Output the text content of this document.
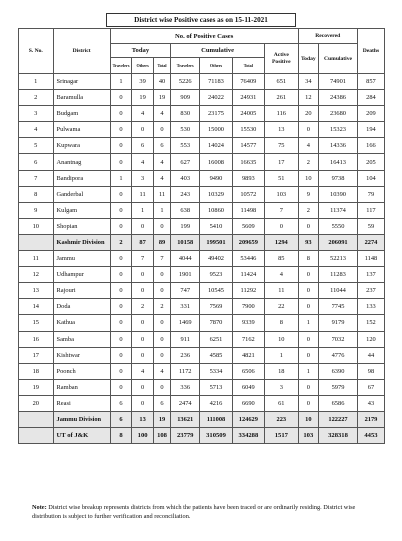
District wise Positive cases as on 15-11-2021
S. No.	District	No. of Positive Cases							Recovered		Deaths
		Today			Cumulative			Active Positive	Today	Cumulative	
		Travelers	Others	Total	Travelers	Others	Total				
1	Srinagar	1	39	40	5226	71183	76409	651	34	74901	857
2	Baramulla	0	19	19	909	24022	24931	261	12	24386	284
3	Budgam	0	4	4	830	23175	24005	116	20	23680	209
4	Pulwama	0	0	0	530	15000	15530	13	0	15323	194
5	Kupwara	0	6	6	553	14024	14577	75	4	14336	166
6	Anantnag	0	4	4	627	16008	16635	17	2	16413	205
7	Bandipora	1	3	4	403	9490	9893	51	10	9738	104
8	Ganderbal	0	11	11	243	10329	10572	103	9	10390	79
9	Kulgam	0	1	1	638	10860	11498	7	2	11374	117
10	Shopian	0	0	0	199	5410	5609	0	0	5550	59
	Kashmir Division	2	87	89	10158	199501	209659	1294	93	206091	2274
11	Jammu	0	7	7	4044	49402	53446	85	8	52213	1148
12	Udhampur	0	0	0	1901	9523	11424	4	0	11283	137
13	Rajouri	0	0	0	747	10545	11292	11	0	11044	237
14	Doda	0	2	2	331	7569	7900	22	0	7745	133
15	Kathua	0	0	0	1469	7870	9339	8	1	9179	152
16	Samba	0	0	0	911	6251	7162	10	0	7032	120
17	Kishtwar	0	0	0	236	4585	4821	1	0	4776	44
18	Poonch	0	4	4	1172	5334	6506	18	1	6390	98
19	Ramban	0	0	0	336	5713	6049	3	0	5979	67
20	Reasi	6	0	6	2474	4216	6690	61	0	6586	43
	Jammu Division	6	13	19	13621	111008	124629	223	10	122227	2179
	UT of J&K	8	100	108	23779	310509	334288	1517	103	328318	4453
Note: District wise breakup represents districts from which the patients have been traced or are ordinarily residing. District wise distribution is subject to further verification and reconciliation.
